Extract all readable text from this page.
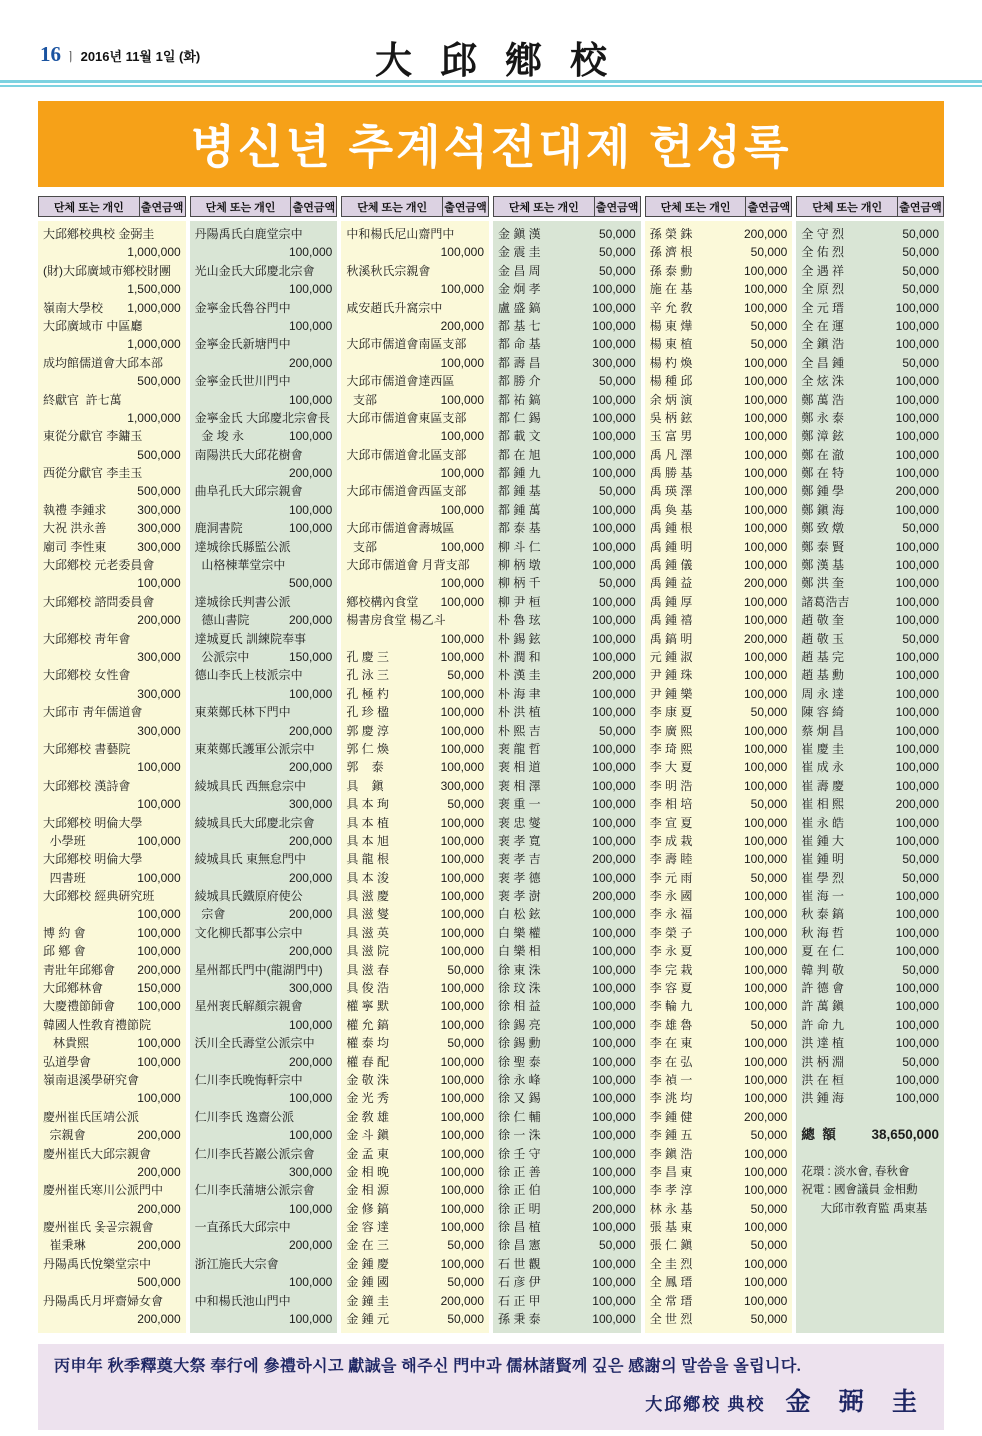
16 ㅣ 2016년 11월 1일 (화)	大邱鄕校
병신년 추계석전대제 헌성록
단체 또는 개인	출연금액	단체 또는 개인	출연금액	단체 또는 개인	출연금액	단체 또는 개인	출연금액	단체 또는 개인	출연금액	단체 또는 개인	출연금액
大邱鄕校典校 金弼圭
1,000,000
(財)大邱廣域市鄕校財團
1,500,000
嶺南大學校 1,000,000
大邱廣域市 中區廳
1,000,000
成均館儒道會大邱本部
500,000
終獻官  許七萬
1,000,000
東從分獻官 李鏞玉
500,000
西從分獻官 李圭玉
500,000
執禮 李鍾求	300,000
大祝 洪永善	300,000
廟司 李性東	300,000
大邱鄕校 元老委員會
100,000
大邱鄕校 諮問委員會
200,000
大邱鄕校 靑年會
300,000
大邱鄕校 女性會
300,000
大邱市 靑年儒道會
300,000
大邱鄕校 書藝院
100,000
大邱鄕校 漢詩會
100,000
大邱鄕校 明倫大學
小學班	100,000
大邱鄕校 明倫大學
四書班	100,000
大邱鄕校 經典硏究班
100,000
博 約 會	100,000
邱 鄕 會	100,000
靑壯年邱鄕會 200,000
大邱鄕林會	150,000
大慶禮節師會 100,000
韓國人性敎育禮節院
林貴熙	100,000
弘道學會	100,000
嶺南退溪學硏究會
100,000
慶州崔氏匡靖公派
宗親會	200,000
慶州崔氏大邱宗親會
200,000
慶州崔氏寒川公派門中
200,000
慶州崔氏 옻골宗親會
崔秉琳	200,000
丹陽禹氏悅樂堂宗中
500,000
丹陽禹氏月坪齋婦女會
200,000
丹陽禹氏白鹿堂宗中
100,000
光山金氏大邱慶北宗會
100,000
金寧金氏魯谷門中
100,000
金寧金氏新塘門中
200,000
金寧金氏世川門中
100,000
金寧金氏 大邱慶北宗會長
金 埈 永	100,000
南陽洪氏大邱花樹會
200,000
曲阜孔氏大邱宗親會
100,000
鹿洞書院	100,000
達城徐氏縣監公派
山格棟華堂宗中
500,000
達城徐氏判書公派
德山書院	200,000
達城夏氏 訓練院奉事
公派宗中	150,000
德山李氏上枝派宗中
100,000
東萊鄭氏林下門中
200,000
東萊鄭氏護軍公派宗中
200,000
綾城具氏 西無怠宗中
300,000
綾城具氏大邱慶北宗會
200,000
綾城具氏 東無怠門中
200,000
綾城具氏鐵原府使公
宗會	200,000
文化柳氏都事公宗中
200,000
星州都氏門中(龍湖門中)
300,000
星州裵氏解顏宗親會
100,000
沃川全氏壽堂公派宗中
200,000
仁川李氏晚悔軒宗中
100,000
仁川李氏 逸齋公派
100,000
仁川李氏苔巖公派宗會
300,000
仁川李氏蒲塘公派宗會
100,000
一直孫氏大邱宗中
200,000
浙江施氏大宗會
100,000
中和楊氏池山門中
100,000
中和楊氏尼山齋門中
100,000
秋溪秋氏宗親會
100,000
咸安趙氏升窩宗中
200,000
大邱市儒道會南區支部
100,000
大邱市儒道會達西區
支部	100,000
大邱市儒道會東區支部
100,000
大邱市儒道會北區支部
100,000
大邱市儒道會西區支部
100,000
大邱市儒道會壽城區
支部	100,000
大邱市儒道會 月背支部
100,000
鄕校構內食堂 100,000
楊書房食堂 楊乙斗
100,000
孔 慶 三	100,000
孔 泳 三	50,000
孔 極 杓	100,000
孔 珍 楹	100,000
郭 慶 淳	100,000
郭 仁 煥	100,000
郭    泰	100,000
具    鎭	300,000
具 本 珣	50,000
具 本 植	100,000
具 本 旭	100,000
具 龍 根	100,000
具 本 浚	100,000
具 滋 慶	100,000
具 滋 燮	100,000
具 滋 英	100,000
具 滋 院	100,000
具 滋 春	50,000
具 俊 浩	100,000
權 寧 默	100,000
權 允 鎬	100,000
權 泰 均	50,000
權 春 配	100,000
金 敬 洙	100,000
金 光 秀	100,000
金 敎 雄	100,000
金 斗 鎭	100,000
金 孟 東	100,000
金 相 晚	100,000
金 相 源	100,000
金 修 鎬	100,000
金 容 達	100,000
金 在 三	50,000
金 鍾 慶	100,000
金 鍾 國	50,000
金 鐘 圭	200,000
金 鍾 元	50,000
金 鎭 漢	50,000
金 震 圭	50,000
金 昌 周	50,000
金 炯 孝	100,000
盧 盛 鎬	100,000
都 基 七	100,000
都 命 基	100,000
都 壽 昌	300,000
都 勝 介	50,000
都 祐 鎬	100,000
都 仁 錫	100,000
都 載 文	100,000
都 在 旭	100,000
都 鍾 九	100,000
都 鍾 基	50,000
都 鍾 萬	100,000
都 泰 基	100,000
柳 斗 仁	100,000
柳 柄 墩	100,000
柳 柄 千	50,000
柳 尹 桓	100,000
朴 魯 玹	100,000
朴 錫 鉉	100,000
朴 潤 和	100,000
朴 漢 圭	200,000
朴 海 聿	100,000
朴 洪 植	100,000
朴 熙 吉	50,000
裵 龍 哲	100,000
裵 相 道	100,000
裵 相 澤	100,000
裵 重 一	100,000
裵 忠 燮	100,000
裵 孝 寬	100,000
裵 孝 吉	200,000
裵 孝 德	100,000
裵 孝 澍	200,000
白 松 鉉	100,000
白 樂 權	100,000
白 樂 相	100,000
徐 東 洙	100,000
徐 玟 洙	100,000
徐 相 益	100,000
徐 錫 亮	100,000
徐 錫 勳	100,000
徐 聖 泰	100,000
徐 永 峰	100,000
徐 又 錫	100,000
徐 仁 輔	100,000
徐 一 洙	100,000
徐 壬 守	100,000
徐 正 善	100,000
徐 正 伯	100,000
徐 正 明	200,000
徐 昌 植	100,000
徐 昌 憲	50,000
石 世 觀	100,000
石 彦 伊	100,000
石 正 甲	100,000
孫 秉 泰	100,000
孫 榮 銖	200,000
孫 濟 根	50,000
孫 泰 勳	100,000
施 在 基	100,000
辛 允 敎	100,000
楊 東 燁	50,000
楊 東 植	50,000
楊 杓 煥	100,000
楊 種 邱	100,000
余 炳 演	100,000
吳 柄 鉉	100,000
玉 富 男	100,000
禹 凡 澤	100,000
禹 勝 基	100,000
禹 瑛 澤	100,000
禹 奐 基	100,000
禹 鍾 根	100,000
禹 鍾 明	100,000
禹 鍾 儀	100,000
禹 鍾 益	200,000
禹 鍾 厚	100,000
禹 鍾 禧	100,000
禹 鎬 明	200,000
元 鍾 淑	100,000
尹 鍾 珠	100,000
尹 鍾 樂	100,000
李 康 夏	50,000
李 廣 熙	100,000
李 琦 熙	100,000
李 大 夏	100,000
李 明 浩	100,000
李 相 培	50,000
李 宣 夏	100,000
李 成 栽	100,000
李 壽 睦	100,000
李 元 雨	50,000
李 永 國	100,000
李 永 福	100,000
李 榮 子	100,000
李 永 夏	100,000
李 完 栽	100,000
李 容 夏	100,000
李 輪 九	100,000
李 雄 魯	50,000
李 在 東	100,000
李 在 弘	100,000
李 禎 一	100,000
李 洮 均	100,000
李 鍾 健	200,000
李 鍾 五	50,000
李 鎭 浩	100,000
李 昌 東	100,000
李 孝 淳	100,000
林 永 基	50,000
張 基 東	100,000
張 仁 鎭	50,000
全 圭 烈	100,000
全 鳳 瑨	100,000
全 常 瑨	100,000
全 世 烈	50,000
全 守 烈	50,000
全 佑 烈	50,000
全 遇 祥	50,000
全 原 烈	50,000
全 元 瑨	100,000
全 在 運	100,000
全 鎭 浩	100,000
全 昌 鍾	50,000
全 炫 洙	100,000
鄭 萬 浩	100,000
鄭 永 泰	100,000
鄭 漳 鉉	100,000
鄭 在 澈	100,000
鄭 在 特	100,000
鄭 鍾 學	200,000
鄭 鎭 海	100,000
鄭 致 燉	50,000
鄭 泰 賢	100,000
鄭 漢 基	100,000
鄭 洪 奎	100,000
諸葛浩吉	100,000
趙 敬 奎	100,000
趙 敬 玉	50,000
趙 基 完	100,000
趙 基 勳	100,000
周 永 達	100,000
陳 容 綺	100,000
蔡 炯 昌	100,000
崔 慶 圭	100,000
崔 成 永	100,000
崔 壽 慶	100,000
崔 相 熙	200,000
崔 永 皓	100,000
崔 鍾 大	100,000
崔 鍾 明	50,000
崔 學 烈	50,000
崔 海 一	100,000
秋 泰 鎬	100,000
秋 海 哲	100,000
夏 在 仁	100,000
韓 判 敬	50,000
許 德 會	100,000
許 萬 鎭	100,000
許 命 九	100,000
洪 達 植	100,000
洪 柄 淵	50,000
洪 在 桓	100,000
洪 鍾 海	100,000
總  額	38,650,000
花環 : 淡水會, 春秋會
祝電 : 國會議員 金相勳
大邱市敎育監 禹東基
丙申年 秋季釋奠大祭 奉行에 參禮하시고 獻誠을 해주신 門中과 儒林諸賢께 깊은 感謝의 말씀을 올립니다.
大邱鄕校 典校 金 弼 圭
